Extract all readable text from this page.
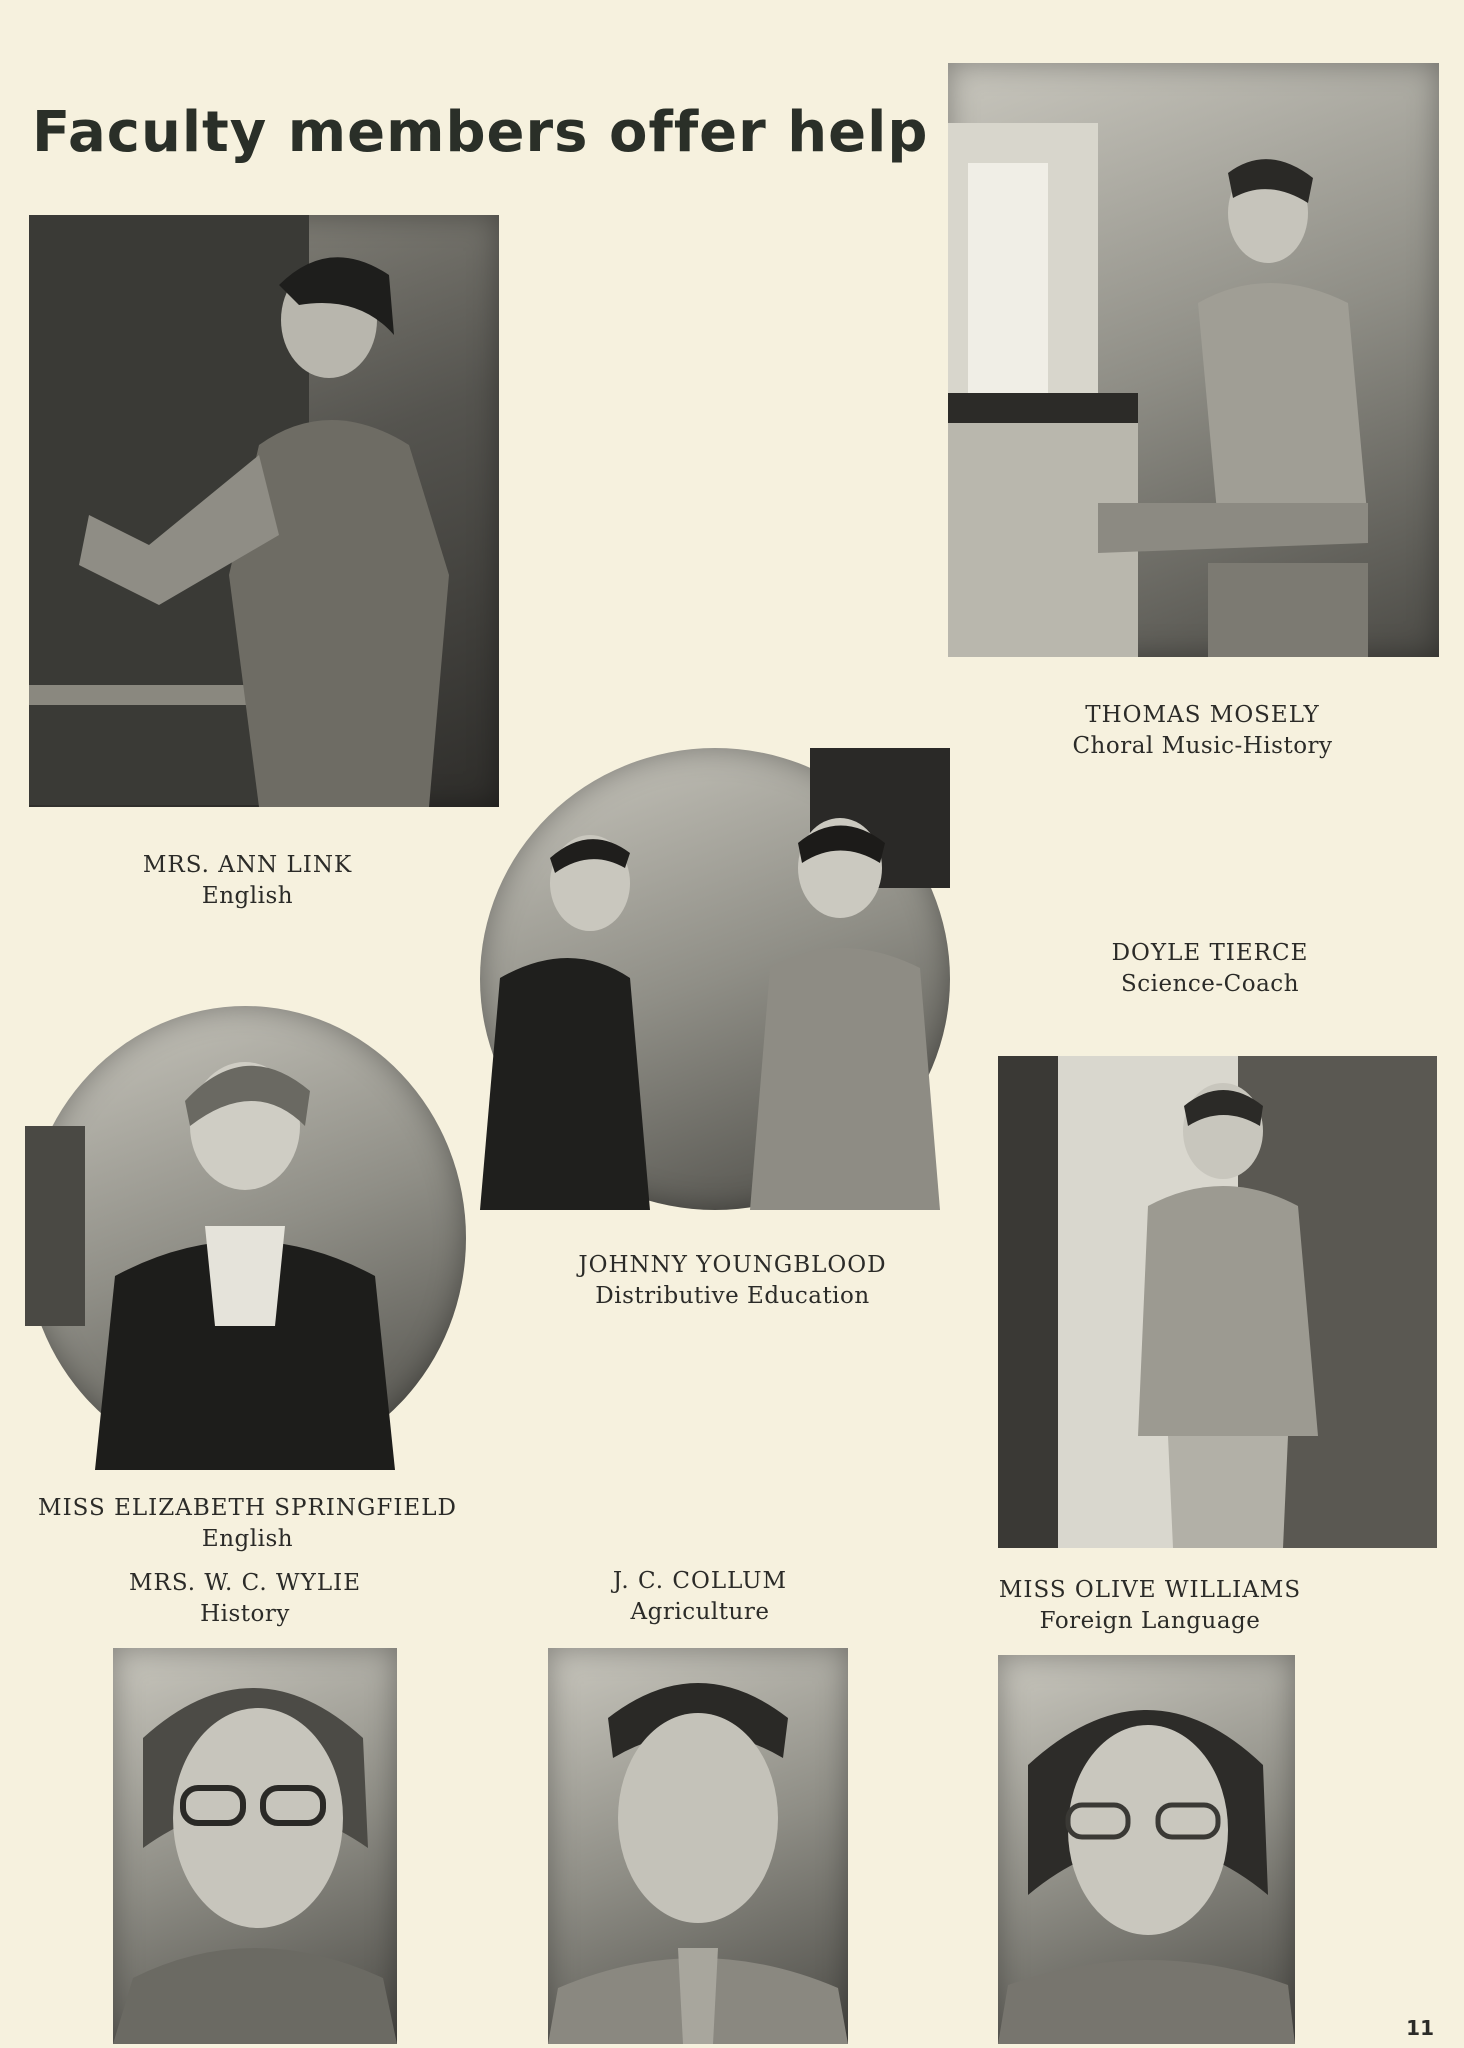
Faculty members offer help
THOMAS MOSELY
Choral Music-History
MRS. ANN LINK
English
DOYLE TIERCE
Science-Coach
JOHNNY YOUNGBLOOD
Distributive Education
MISS ELIZABETH SPRINGFIELD
English
MRS. W. C. WYLIE
History
J. C. COLLUM
Agriculture
MISS OLIVE WILLIAMS
Foreign Language
11
